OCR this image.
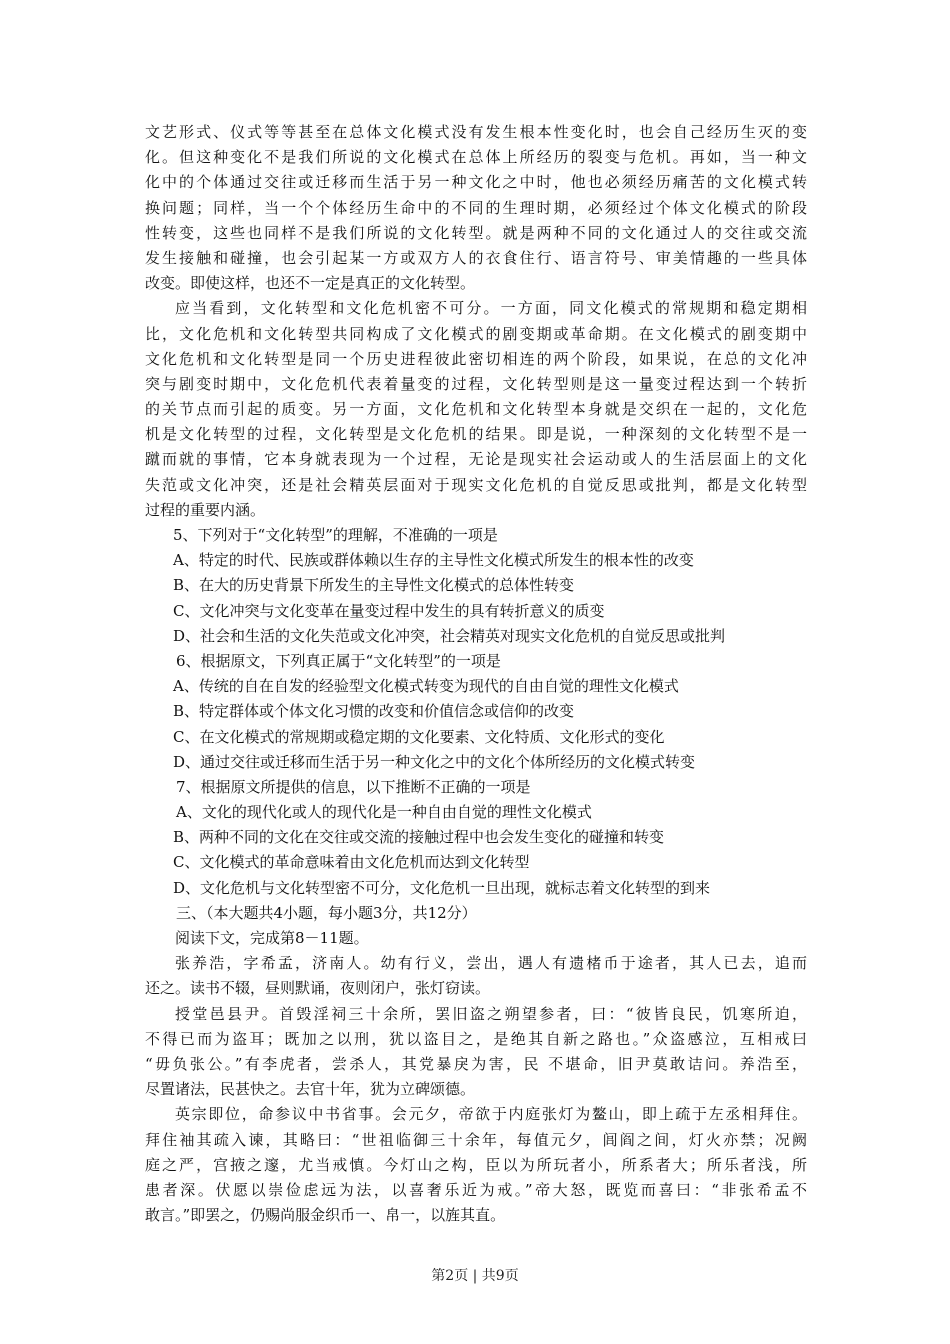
文艺形式、仪式等等甚至在总体文化模式没有发生根本性变化时，也会自己经历生灭的变
化。但这种变化不是我们所说的文化模式在总体上所经历的裂变与危机。再如，当一种文
化中的个体通过交往或迁移而生活于另一种文化之中时，他也必须经历痛苦的文化模式转
换问题；同样，当一个个体经历生命中的不同的生理时期，必须经过个体文化模式的阶段
性转变，这些也同样不是我们所说的文化转型。就是两种不同的文化通过人的交往或交流
发生接触和碰撞，也会引起某一方或双方人的衣食住行、语言符号、审美情趣的一些具体
改变。即使这样，也还不一定是真正的文化转型。
应当看到，文化转型和文化危机密不可分。一方面，同文化模式的常规期和稳定期相
比，文化危机和文化转型共同构成了文化模式的剧变期或革命期。在文化模式的剧变期中
文化危机和文化转型是同一个历史进程彼此密切相连的两个阶段，如果说，在总的文化冲
突与剧变时期中，文化危机代表着量变的过程，文化转型则是这一量变过程达到一个转折
的关节点而引起的质变。另一方面，文化危机和文化转型本身就是交织在一起的，文化危
机是文化转型的过程，文化转型是文化危机的结果。即是说，一种深刻的文化转型不是一
蹴而就的事情，它本身就表现为一个过程，无论是现实社会运动或人的生活层面上的文化
失范或文化冲突，还是社会精英层面对于现实文化危机的自觉反思或批判，都是文化转型
过程的重要内涵。
5、下列对于“文化转型”的理解，不准确的一项是
A、特定的时代、民族或群体赖以生存的主导性文化模式所发生的根本性的改变
B、在大的历史背景下所发生的主导性文化模式的总体性转变
C、文化冲突与文化变革在量变过程中发生的具有转折意义的质变
D、社会和生活的文化失范或文化冲突，社会精英对现实文化危机的自觉反思或批判
6、根据原文，下列真正属于“文化转型”的一项是
A、传统的自在自发的经验型文化模式转变为现代的自由自觉的理性文化模式
B、特定群体或个体文化习惯的改变和价值信念或信仰的改变
C、在文化模式的常规期或稳定期的文化要素、文化特质、文化形式的变化
D、通过交往或迁移而生活于另一种文化之中的文化个体所经历的文化模式转变
7、根据原文所提供的信息，以下推断不正确的一项是
A、文化的现代化或人的现代化是一种自由自觉的理性文化模式
B、两种不同的文化在交往或交流的接触过程中也会发生变化的碰撞和转变
C、文化模式的革命意味着由文化危机而达到文化转型
D、文化危机与文化转型密不可分，文化危机一旦出现，就标志着文化转型的到来
三、（本大题共4小题，每小题3分，共12分）
阅读下文，完成第8－11题。
张养浩，字希孟，济南人。幼有行义，尝出，遇人有遗楮币于途者，其人已去，追而
还之。读书不辍，昼则默诵，夜则闭户，张灯窃读。
授堂邑县尹。首毁淫祠三十余所，罢旧盗之朔望参者，曰：“彼皆良民，饥寒所迫，
不得已而为盗耳；既加之以刑，犹以盗目之，是绝其自新之路也。”众盗感泣，互相戒曰
“毋负张公。”有李虎者，尝杀人，其党暴戾为害，民 不堪命，旧尹莫敢诘问。养浩至，
尽置诸法，民甚快之。去官十年，犹为立碑颂德。
英宗即位，命参议中书省事。会元夕，帝欲于内庭张灯为鳌山，即上疏于左丞相拜住。
拜住袖其疏入谏，其略曰：“世祖临御三十余年，每值元夕，闾阎之间，灯火亦禁；况阙
庭之严，宫掖之邃，尤当戒慎。今灯山之构，臣以为所玩者小，所系者大；所乐者浅，所
患者深。伏愿以崇俭虑远为法，以喜奢乐近为戒。”帝大怒，既览而喜曰：“非张希孟不
敢言。”即罢之，仍赐尚服金织币一、帛一，以旌其直。
第2页 | 共9页
